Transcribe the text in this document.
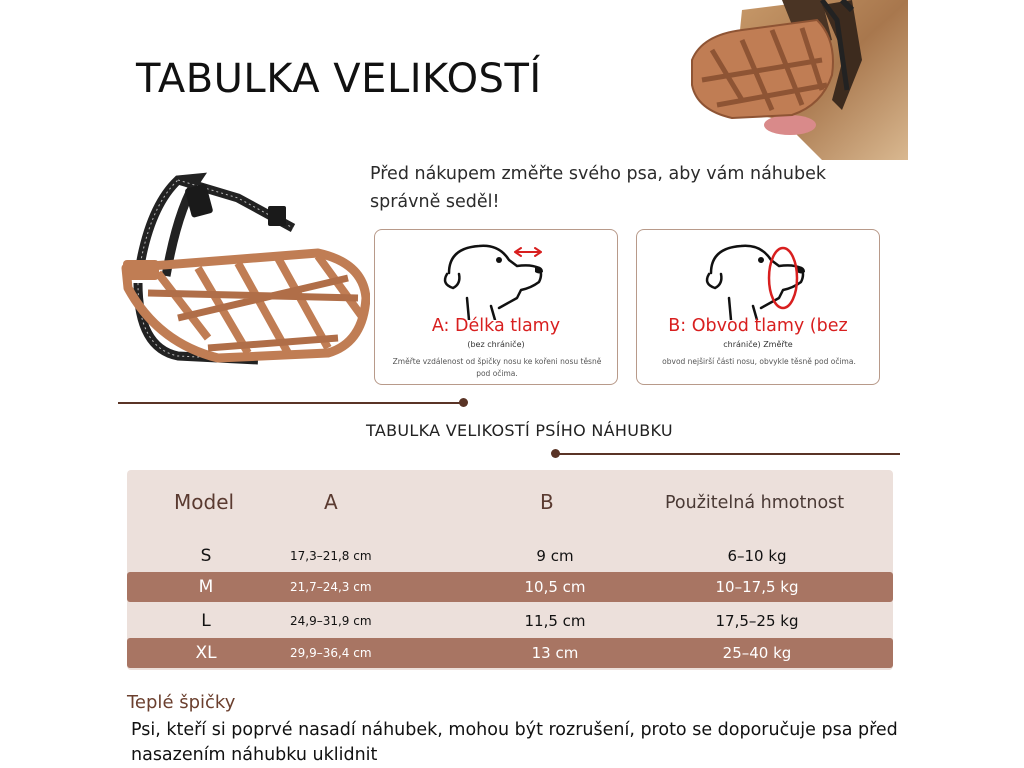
TABULKA VELIKOSTÍ
Před nákupem změřte svého psa, aby vám náhubek správně seděl!
A: Délka tlamy
(bez chrániče)
Změřte vzdálenost od špičky nosu ke kořeni nosu těsně pod očima.
B: Obvod tlamy (bez
chrániče) Změřte
obvod nejširší části nosu, obvykle těsně pod očima.
TABULKA VELIKOSTÍ PSÍHO NÁHUBKU
Model	A	B	Použitelná hmotnost
S	17,3–21,8 cm	9 cm	6–10 kg
M	21,7–24,3 cm	10,5 cm	10–17,5 kg
L	24,9–31,9 cm	11,5 cm	17,5–25 kg
XL	29,9–36,4 cm	13 cm	25–40 kg
Teplé špičky
Psi, kteří si poprvé nasadí náhubek, mohou být rozrušení, proto se doporučuje psa před nasazením náhubku uklidnit
